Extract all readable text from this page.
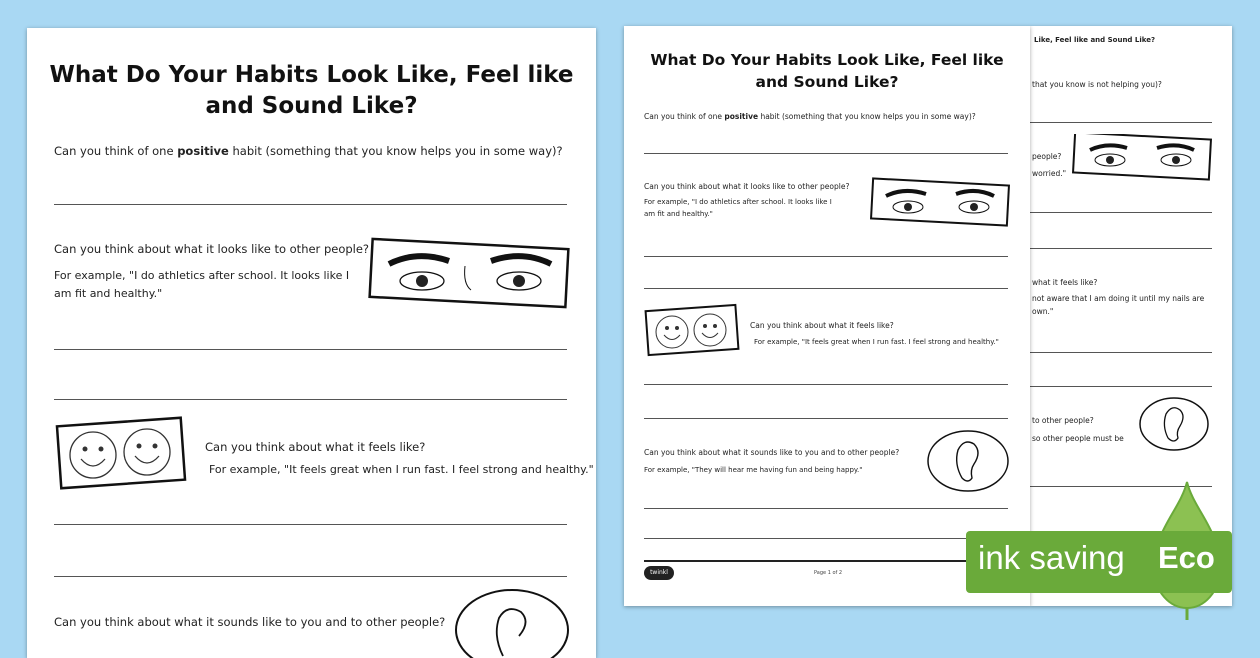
Like, Feel like and Sound Like?
that you know is not helping you)?
people?
worried."
what it feels like?
not aware that I am doing it until my nails are
own."
to other people?
so other people must be
What Do Your Habits Look Like, Feel like
and Sound Like?
Can you think of one positive habit (something that you know helps you in some way)?
Can you think about what it looks like to other people?
For example, "I do athletics after school. It looks like I
am fit and healthy."
Can you think about what it feels like?
For example, "It feels great when I run fast. I feel strong and healthy."
Can you think about what it sounds like to you and to other people?
For example, "They will hear me having fun and being happy."
twinkl	Page 1 of 2
What Do Your Habits Look Like, Feel like
and Sound Like?
Can you think of one positive habit (something that you know helps you in some way)?
Can you think about what it looks like to other people?
For example, "I do athletics after school. It looks like I
am fit and healthy."
Can you think about what it feels like?
For example, "It feels great when I run fast. I feel strong and healthy."
Can you think about what it sounds like to you and to other people?
ink saving Eco
